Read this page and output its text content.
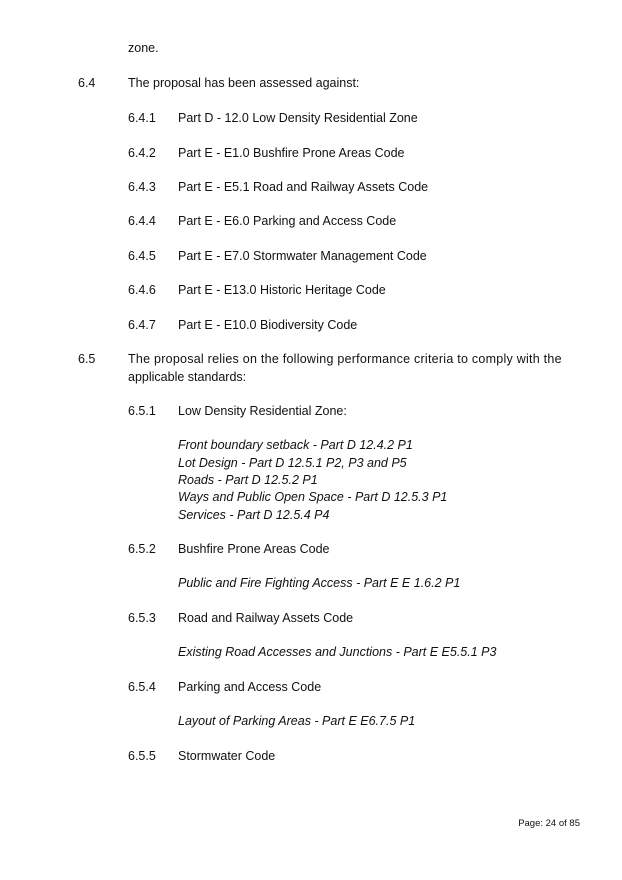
zone.
6.4	The proposal has been assessed against:
6.4.1 Part D - 12.0 Low Density Residential Zone
6.4.2 Part E - E1.0 Bushfire Prone Areas Code
6.4.3 Part E - E5.1 Road and Railway Assets Code
6.4.4 Part E - E6.0 Parking and Access Code
6.4.5 Part E - E7.0 Stormwater Management Code
6.4.6 Part E - E13.0 Historic Heritage Code
6.4.7 Part E - E10.0 Biodiversity Code
6.5	The proposal relies on the following performance criteria to comply with the
applicable standards:
6.5.1 Low Density Residential Zone:
Front boundary setback - Part D 12.4.2 P1
Lot Design - Part D 12.5.1 P2, P3 and P5
Roads - Part D 12.5.2 P1
Ways and Public Open Space - Part D 12.5.3 P1
Services - Part D 12.5.4 P4
6.5.2 Bushfire Prone Areas Code
Public and Fire Fighting Access - Part E E 1.6.2 P1
6.5.3 Road and Railway Assets Code
Existing Road Accesses and Junctions - Part E E5.5.1 P3
6.5.4 Parking and Access Code
Layout of Parking Areas - Part E E6.7.5 P1
6.5.5 Stormwater Code
Page: 24 of 85
